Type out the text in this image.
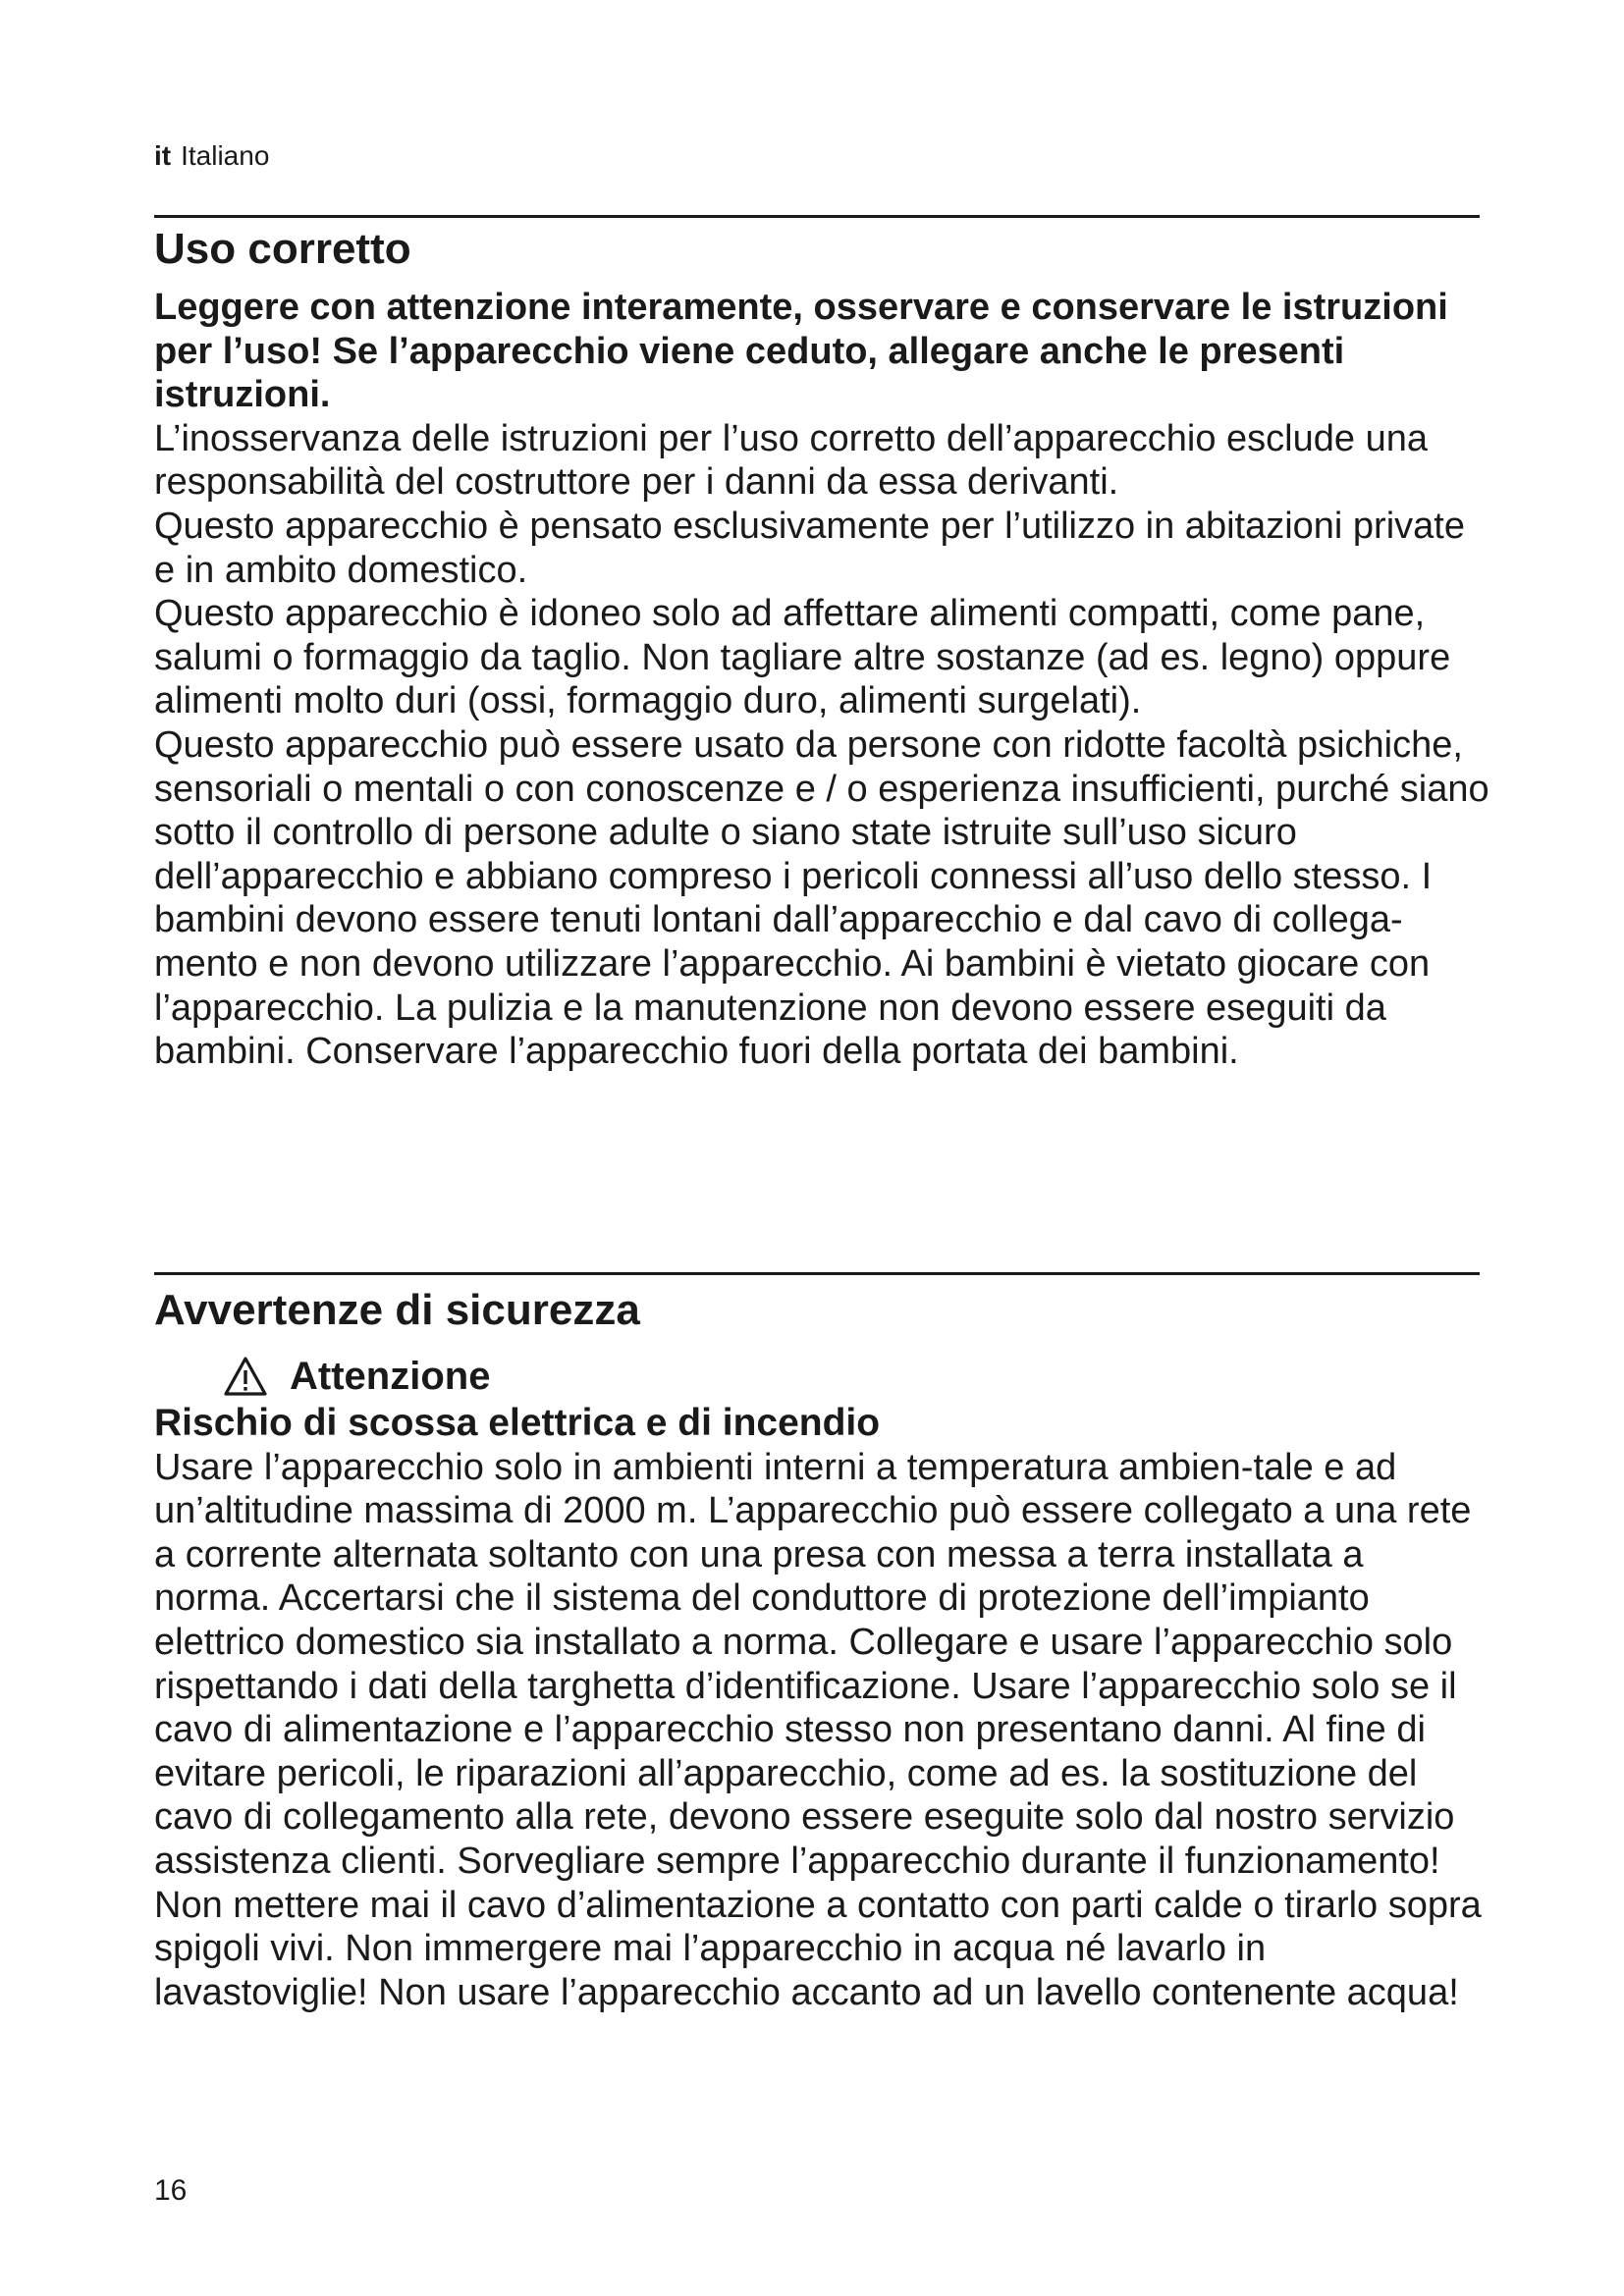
it Italiano
Uso corretto

Leggere con attenzione interamente, osservare e conservare le istruzioni per l’uso! Se l’apparecchio viene ceduto, allegare anche le presenti istruzioni.

L’inosservanza delle istruzioni per l’uso corretto dell’apparecchio esclude una responsabilità del costruttore per i danni da essa derivanti.

Questo apparecchio è pensato esclusivamente per l’utilizzo in abitazioni private e in ambito domestico.

Questo apparecchio è idoneo solo ad affettare alimenti compatti, come pane, salumi o formaggio da taglio. Non tagliare altre sostanze (ad es. legno) oppure alimenti molto duri (ossi, formaggio duro, alimenti surgelati).

Questo apparecchio può essere usato da persone con ridotte facoltà psichiche, sensoriali o mentali o con conoscenze e / o esperienza insufficienti, purché siano sotto il controllo di persone adulte o siano state istruite sull’uso sicuro dell’apparecchio e abbiano compreso i pericoli connessi all’uso dello stesso. I bambini devono essere tenuti lontani dall’apparecchio e dal cavo di collega-mento e non devono utilizzare l’apparecchio. Ai bambini è vietato giocare con l’apparecchio. La pulizia e la manutenzione non devono essere eseguiti da bambini. Conservare l’apparecchio fuori della portata dei bambini.

Avvertenze di sicurezza
Attenzione

Rischio di scossa elettrica e di incendio

Usare l’apparecchio solo in ambienti interni a temperatura ambien-tale e ad un’altitudine massima di 2000 m. L’apparecchio può essere collegato a una rete a corrente alternata soltanto con una presa con messa a terra installata a norma. Accertarsi che il sistema del conduttore di protezione dell’impianto elettrico domestico sia installato a norma. Collegare e usare l’apparecchio solo rispettando i dati della targhetta d’identificazione. Usare l’apparecchio solo se il cavo di alimentazione e l’apparecchio stesso non presentano danni. Al fine di evitare pericoli, le riparazioni all’apparecchio, come ad es. la sostituzione del cavo di collegamento alla rete, devono essere eseguite solo dal nostro servizio assistenza clienti. Sorvegliare sempre l’apparecchio durante il funzionamento!

Non mettere mai il cavo d’alimentazione a contatto con parti calde o tirarlo sopra spigoli vivi. Non immergere mai l’apparecchio in acqua né lavarlo in lavastoviglie! Non usare l’apparecchio accanto ad un lavello contenente acqua!

16
